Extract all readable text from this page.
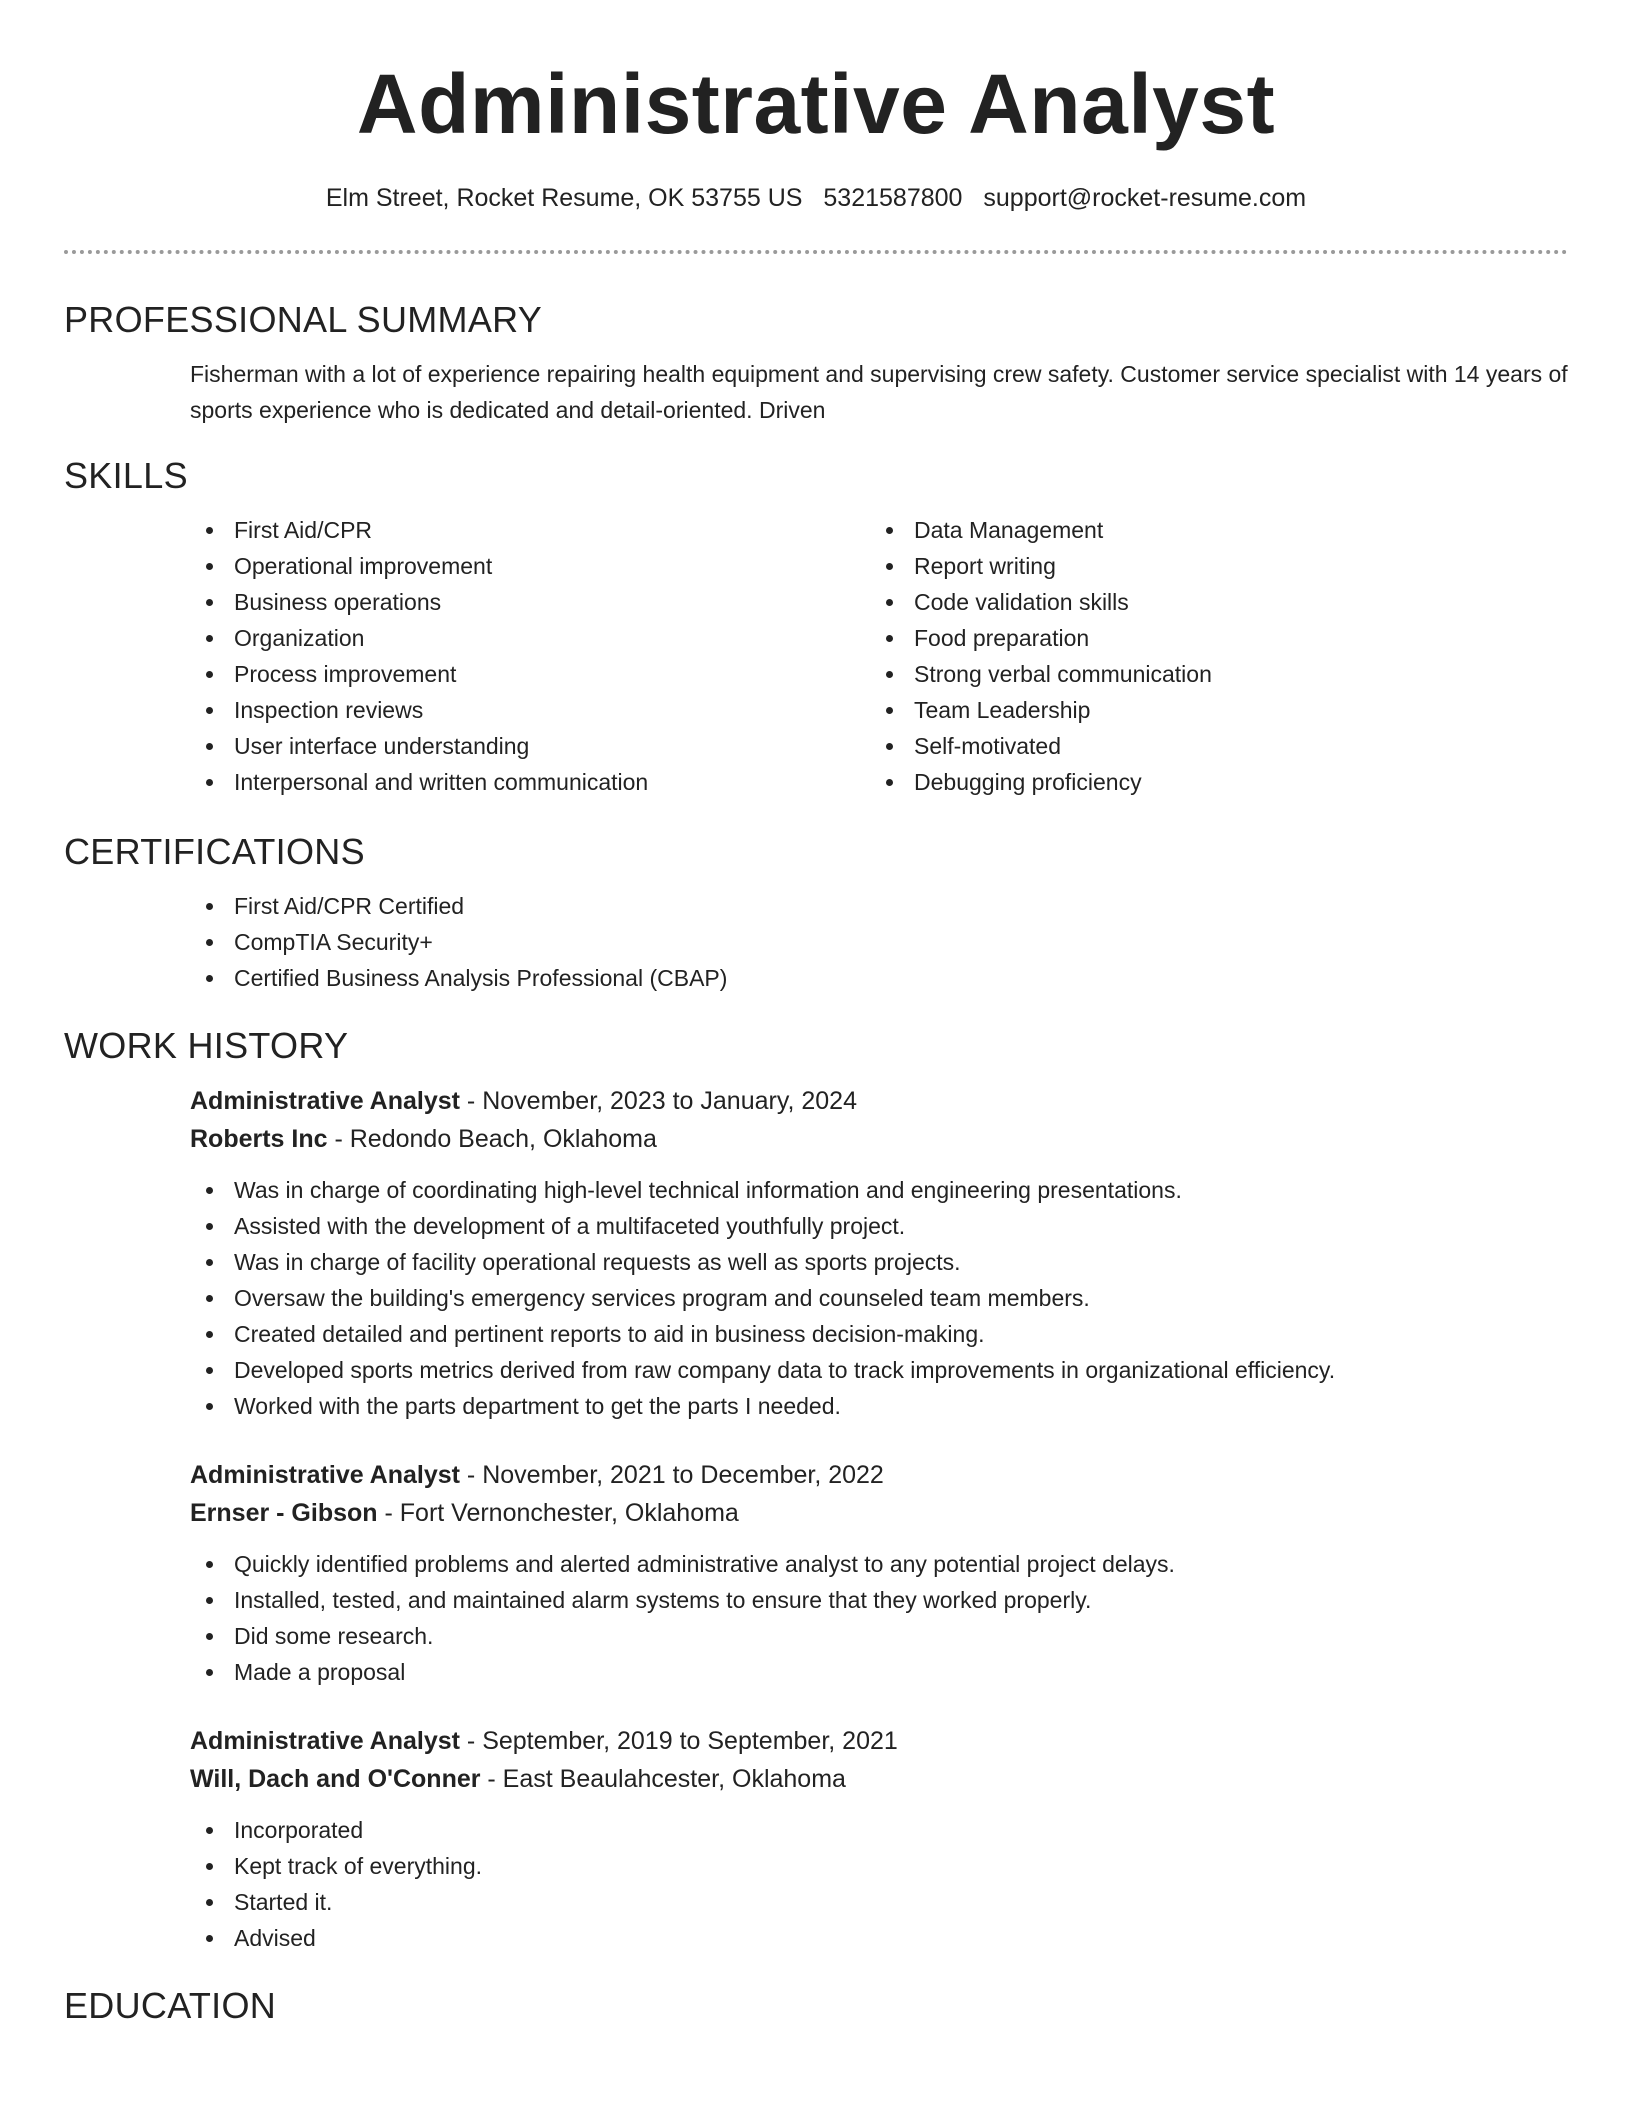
Administrative Analyst
Elm Street, Rocket Resume, OK 53755 US 5321587800 support@rocket-resume.com
PROFESSIONAL SUMMARY

Fisherman with a lot of experience repairing health equipment and supervising crew safety. Customer service specialist with 14 years of sports experience who is dedicated and detail-oriented. Driven

SKILLS
First Aid/CPR
Operational improvement
Business operations
Organization
Process improvement
Inspection reviews
User interface understanding
Interpersonal and written communication
Data Management
Report writing
Code validation skills
Food preparation
Strong verbal communication
Team Leadership
Self-motivated
Debugging proficiency
CERTIFICATIONS
First Aid/CPR Certified
CompTIA Security+
Certified Business Analysis Professional (CBAP)
WORK HISTORY
Administrative Analyst - November, 2023 to January, 2024
Roberts Inc - Redondo Beach, Oklahoma
Was in charge of coordinating high-level technical information and engineering presentations.
Assisted with the development of a multifaceted youthfully project.
Was in charge of facility operational requests as well as sports projects.
Oversaw the building's emergency services program and counseled team members.
Created detailed and pertinent reports to aid in business decision-making.
Developed sports metrics derived from raw company data to track improvements in organizational efficiency.
Worked with the parts department to get the parts I needed.
Administrative Analyst - November, 2021 to December, 2022
Ernser - Gibson - Fort Vernonchester, Oklahoma
Quickly identified problems and alerted administrative analyst to any potential project delays.
Installed, tested, and maintained alarm systems to ensure that they worked properly.
Did some research.
Made a proposal
Administrative Analyst - September, 2019 to September, 2021
Will, Dach and O'Conner - East Beaulahcester, Oklahoma
Incorporated
Kept track of everything.
Started it.
Advised
EDUCATION
